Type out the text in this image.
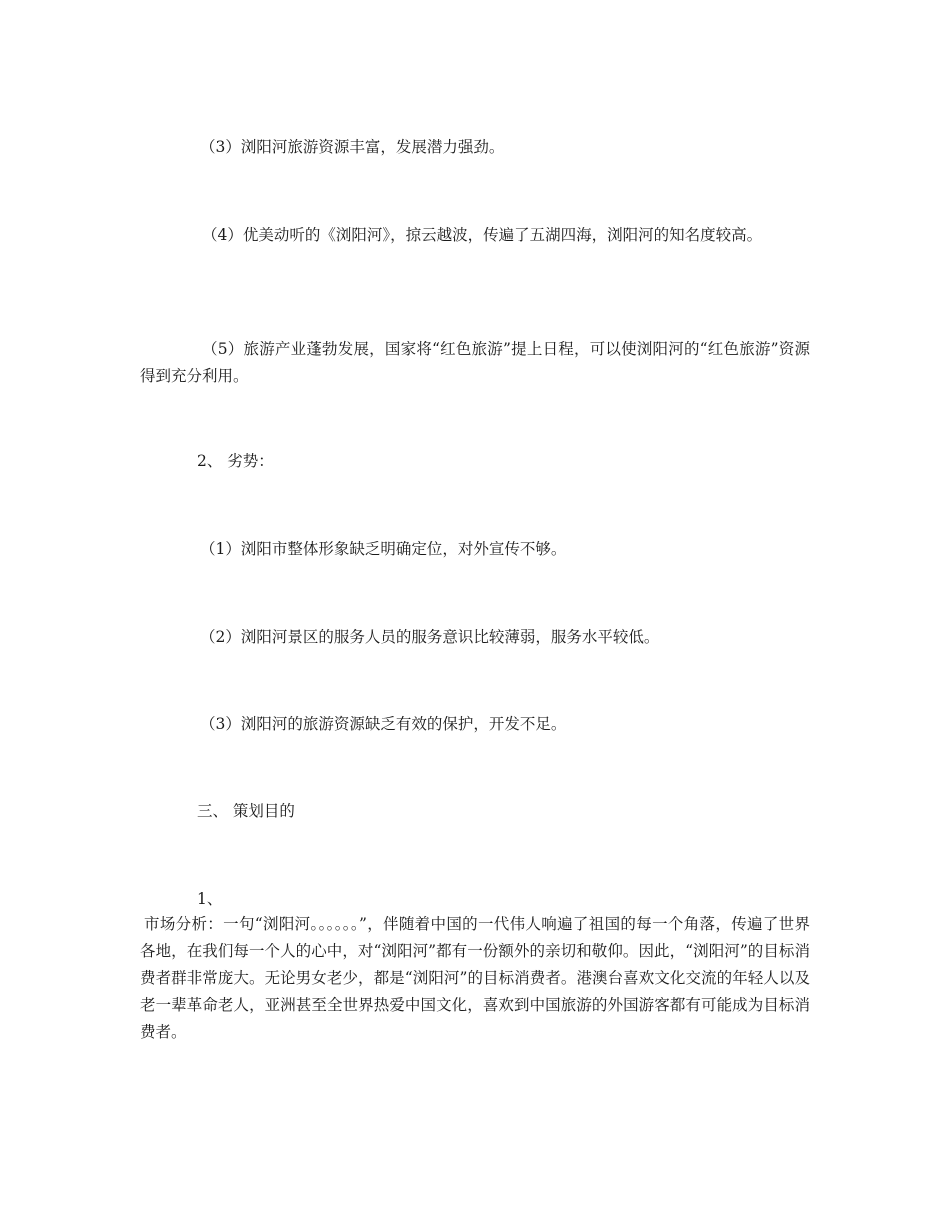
（3）浏阳河旅游资源丰富，发展潜力强劲。
（4）优美动听的《浏阳河》，掠云越波，传遍了五湖四海，浏阳河的知名度较高。
（5）旅游产业蓬勃发展，国家将“红色旅游”提上日程，可以使浏阳河的“红色旅游”资源得到充分利用。
2、 劣势：
（1）浏阳市整体形象缺乏明确定位，对外宣传不够。
（2）浏阳河景区的服务人员的服务意识比较薄弱，服务水平较低。
（3）浏阳河的旅游资源缺乏有效的保护，开发不足。
三、 策划目的
1、
市场分析：一句“浏阳河。。。。。。”，伴随着中国的一代伟人响遍了祖国的每一个角落，传遍了世界各地，在我们每一个人的心中，对“浏阳河”都有一份额外的亲切和敬仰。因此，“浏阳河”的目标消费者群非常庞大。无论男女老少，都是“浏阳河”的目标消费者。港澳台喜欢文化交流的年轻人以及老一辈革命老人，亚洲甚至全世界热爱中国文化，喜欢到中国旅游的外国游客都有可能成为目标消费者。
